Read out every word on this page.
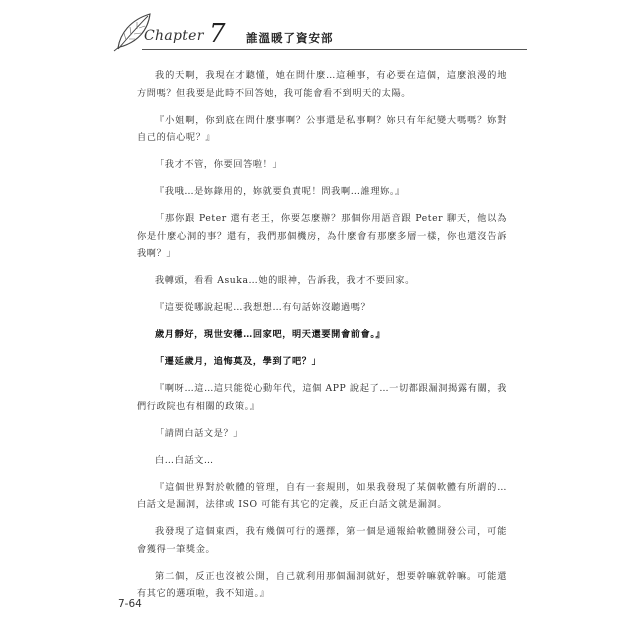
Chapter 7 誰溫暖了資安部

我的天啊，我現在才聽懂，她在問什麼…這種事，有必要在這個，這麼浪漫的地方問嗎？但我要是此時不回答她，我可能會看不到明天的太陽。

『小姐啊，你到底在問什麼事啊？公事還是私事啊？妳只有年紀變大嗎嗎？妳對自己的信心呢？』

「我才不管，你要回答啦！」

『我哦…是妳錄用的，妳就要負責呢！問我啊…誰理妳。』

「那你跟 Peter 還有老王，你要怎麼辦？那個你用語音跟 Peter 聊天，他以為你是什麼心洞的事？還有，我們那個機房，為什麼會有那麼多層一樣，你也還沒告訴我啊？」

我轉頭，看看 Asuka…她的眼神，告訴我，我才不要回家。

『這要從哪說起呢…我想想…有句話妳沒聽過嗎？

歲月靜好，現世安穩…回家吧，明天還要開會前會。』

「遷延歲月，追悔莫及，學到了吧？」

『啊呀…這…這只能從心動年代，這個 APP 說起了…一切都跟漏洞揭露有關，我們行政院也有相關的政策。』

「請問白話文是？」

白…白話文…

『這個世界對於軟體的管理，自有一套規則，如果我發現了某個軟體有所謂的…白話文是漏洞，法律或 ISO 可能有其它的定義，反正白話文就是漏洞。

我發現了這個東西，我有幾個可行的選擇，第一個是通報給軟體開發公司，可能會獲得一筆獎金。

第二個，反正也沒被公開，自己就利用那個漏洞就好，想要幹嘛就幹嘛。可能還有其它的選項啦，我不知道。』

7-64
